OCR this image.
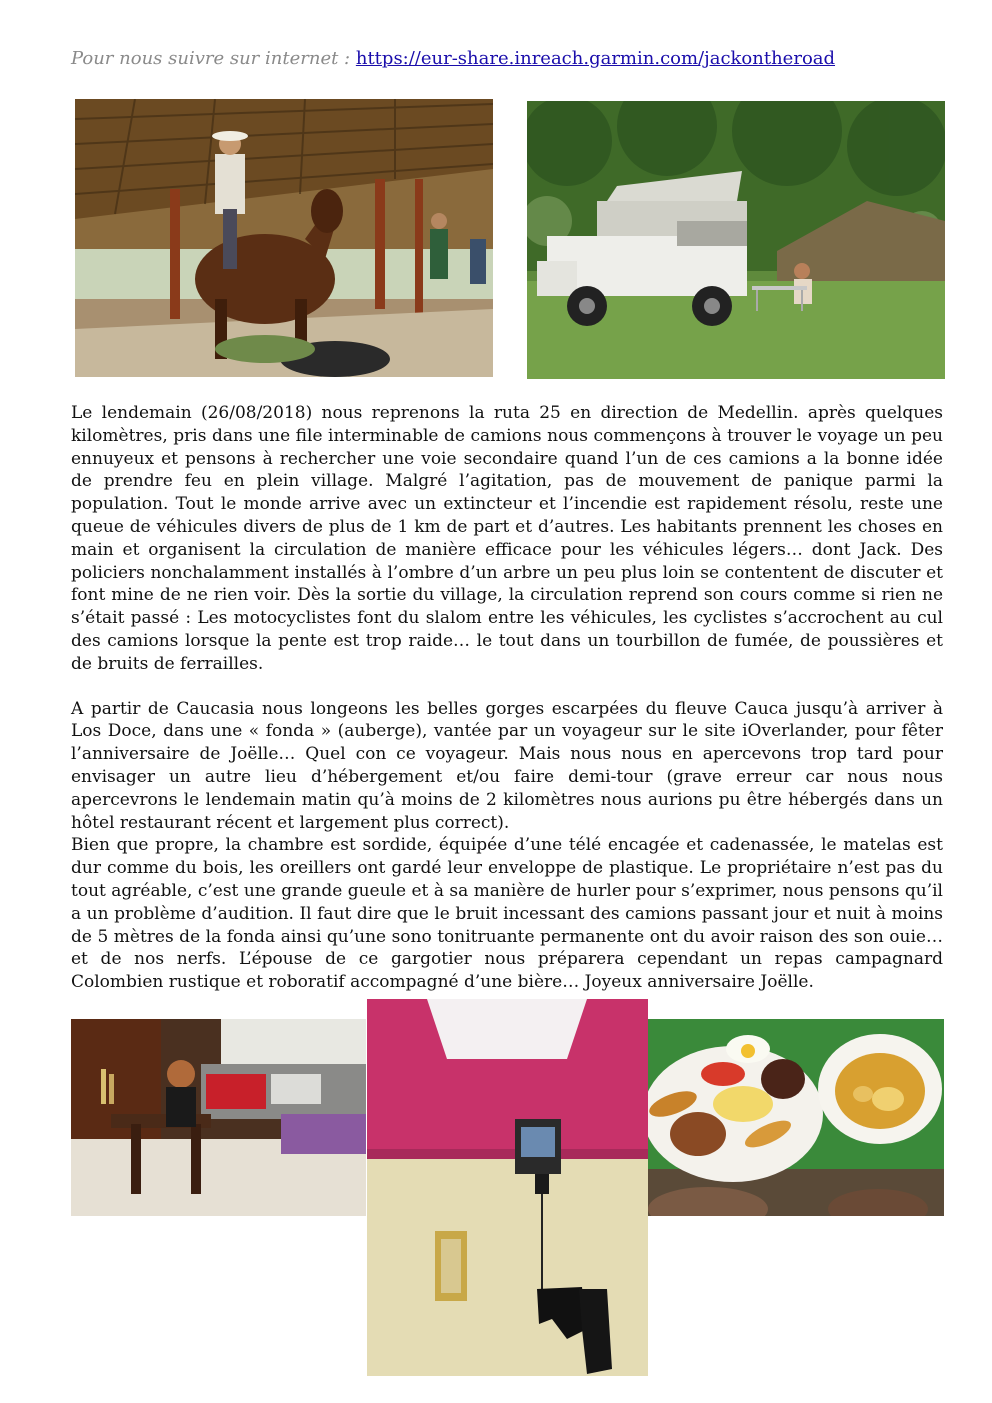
Pour nous suivre sur internet : https://eur-share.inreach.garmin.com/jackontheroad

Le lendemain (26/08/2018) nous reprenons la ruta 25 en direction de Medellin. après quelques kilomètres, pris dans une file interminable de camions nous commençons à trouver le voyage un peu ennuyeux et pensons à rechercher une voie secondaire quand l’un de ces camions a la bonne idée de prendre feu en plein village. Malgré l’agitation, pas de mouvement de panique parmi la population. Tout le monde arrive avec un extincteur et l’incendie est rapidement résolu, reste une queue de véhicules divers de plus de 1 km de part et d’autres. Les habitants prennent les choses en main et organisent la circulation de manière efficace pour les véhicules légers… dont Jack. Des policiers nonchalamment installés à l’ombre d’un arbre un peu plus loin se contentent de discuter et font mine de ne rien voir. Dès la sortie du village, la circulation reprend son cours comme si rien ne s’était passé : Les motocyclistes font du slalom entre les véhicules, les cyclistes s’accrochent au cul des camions lorsque la pente est trop raide… le tout dans un tourbillon de fumée, de poussières et de bruits de ferrailles.

A partir de Caucasia nous longeons les belles gorges escarpées du fleuve Cauca jusqu’à arriver à Los Doce, dans une « fonda » (auberge), vantée par un voyageur sur le site iOverlander, pour fêter l’anniversaire de Joëlle… Quel con ce voyageur. Mais nous nous en apercevons trop tard pour envisager un autre lieu d’hébergement et/ou faire demi-tour (grave erreur car nous nous apercevrons le lendemain matin qu’à moins de 2 kilomètres nous aurions pu être hébergés dans un hôtel restaurant récent et largement plus correct).

Bien que propre, la chambre est sordide, équipée d’une télé encagée et cadenassée, le matelas est dur comme du bois, les oreillers ont gardé leur enveloppe de plastique. Le propriétaire n’est pas du tout agréable, c’est une grande gueule et à sa manière de hurler pour s’exprimer, nous pensons qu’il a un problème d’audition. Il faut dire que le bruit incessant des camions passant jour et nuit à moins de 5 mètres de la fonda ainsi qu’une sono tonitruante permanente ont du avoir raison des son ouie… et de nos nerfs. L’épouse de ce gargotier nous préparera cependant un repas campagnard Colombien rustique et roboratif accompagné d’une bière… Joyeux anniversaire Joëlle.
